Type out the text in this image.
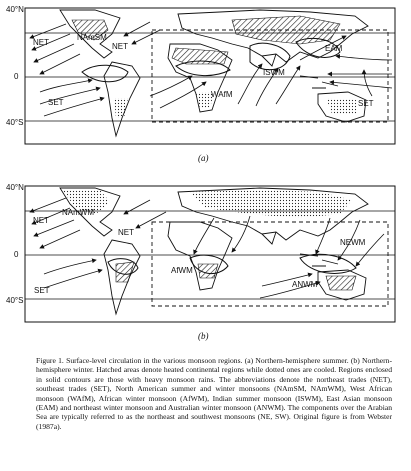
40°N
0
40°S
NET
NAmSM
NET
SET
WAfM
ISWM
EAM
SET
(a)
40°N
0
40°S
NET
NAmWM
NET
SET
AfWM
NEWM
ANWM
(b)
Figure 1. Surface-level circulation in the various monsoon regions. (a) Northern-hemisphere summer. (b) Northern-hemisphere winter. Hatched areas denote heated continental regions while dotted ones are cooled. Regions enclosed in solid contours are those with heavy monsoon rains. The abbreviations denote the northeast trades (NET), southeast trades (SET), North American summer and winter monsoons (NAmSM, NAmWM), West African monsoon (WAfM), African winter monsoon (AfWM), Indian summer monsoon (ISWM), East Asian monsoon (EAM) and northeast winter monsoon and Australian winter monsoon (ANWM). The components over the Arabian Sea are typically referred to as the northeast and southwest monsoons (NE, SW). Original figure is from Webster (1987a).
